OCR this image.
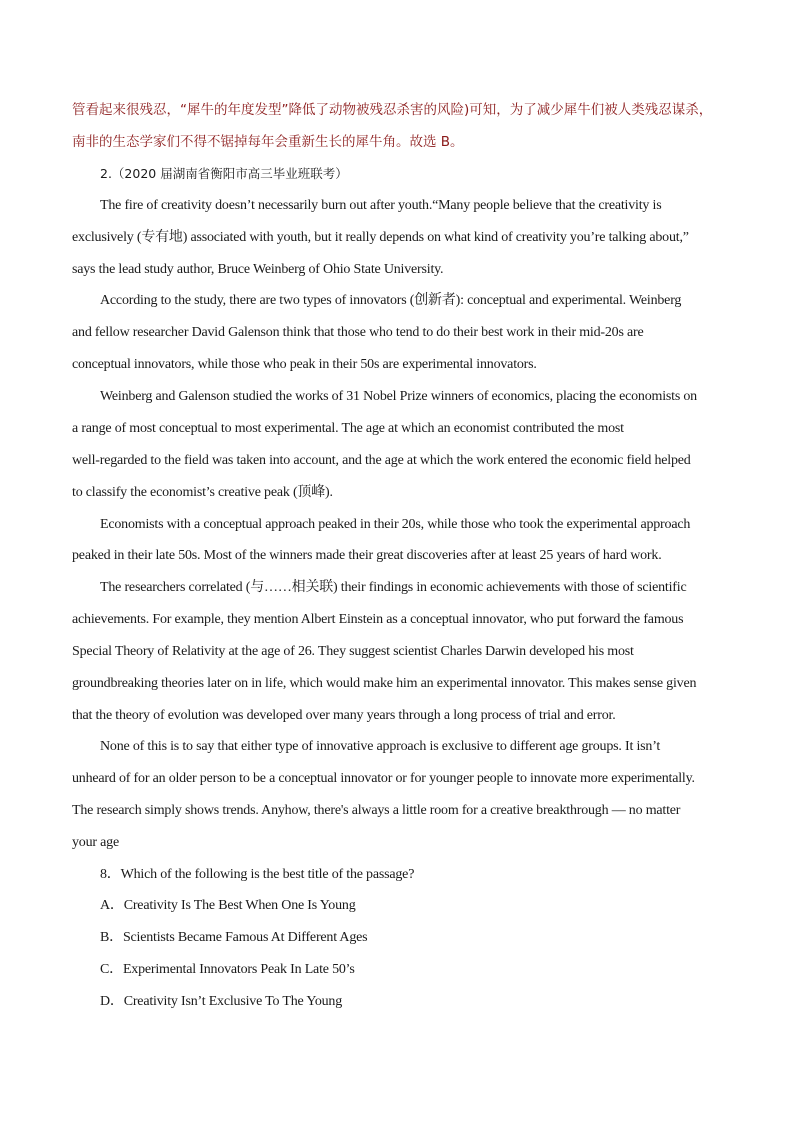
管看起来很残忍，“犀牛的年度发型”降低了动物被残忍杀害的风险)可知，为了减少犀牛们被人类残忍谋杀，
南非的生态学家们不得不锯掉每年会重新生长的犀牛角。故选 B。
2.（2020 届湖南省衡阳市高三毕业班联考）
The fire of creativity doesn’t necessarily burn out after youth.“Many people believe that the creativity is
exclusively (专有地) associated with youth, but it really depends on what kind of creativity you’re talking about,”
says the lead study author, Bruce Weinberg of Ohio State University.
According to the study, there are two types of innovators (创新者): conceptual and experimental. Weinberg
and fellow researcher David Galenson think that those who tend to do their best work in their mid-20s are
conceptual innovators, while those who peak in their 50s are experimental innovators.
Weinberg and Galenson studied the works of 31 Nobel Prize winners of economics, placing the economists on
a range of most conceptual to most experimental. The age at which an economist contributed the most
well-regarded to the field was taken into account, and the age at which the work entered the economic field helped
to classify the economist’s creative peak (顶峰).
Economists with a conceptual approach peaked in their 20s, while those who took the experimental approach
peaked in their late 50s. Most of the winners made their great discoveries after at least 25 years of hard work.
The researchers correlated (与……相关联) their findings in economic achievements with those of scientific
achievements. For example, they mention Albert Einstein as a conceptual innovator, who put forward the famous
Special Theory of Relativity at the age of 26. They suggest scientist Charles Darwin developed his most
groundbreaking theories later on in life, which would make him an experimental innovator. This makes sense given
that the theory of evolution was developed over many years through a long process of trial and error.
None of this is to say that either type of innovative approach is exclusive to different age groups. It isn’t
unheard of for an older person to be a conceptual innovator or for younger people to innovate more experimentally.
The research simply shows trends. Anyhow, there's always a little room for a creative breakthrough — no matter
your age
8．Which of the following is the best title of the passage?
A．Creativity Is The Best When One Is Young
B．Scientists Became Famous At Different Ages
C．Experimental Innovators Peak In Late 50’s
D．Creativity Isn’t Exclusive To The Young
